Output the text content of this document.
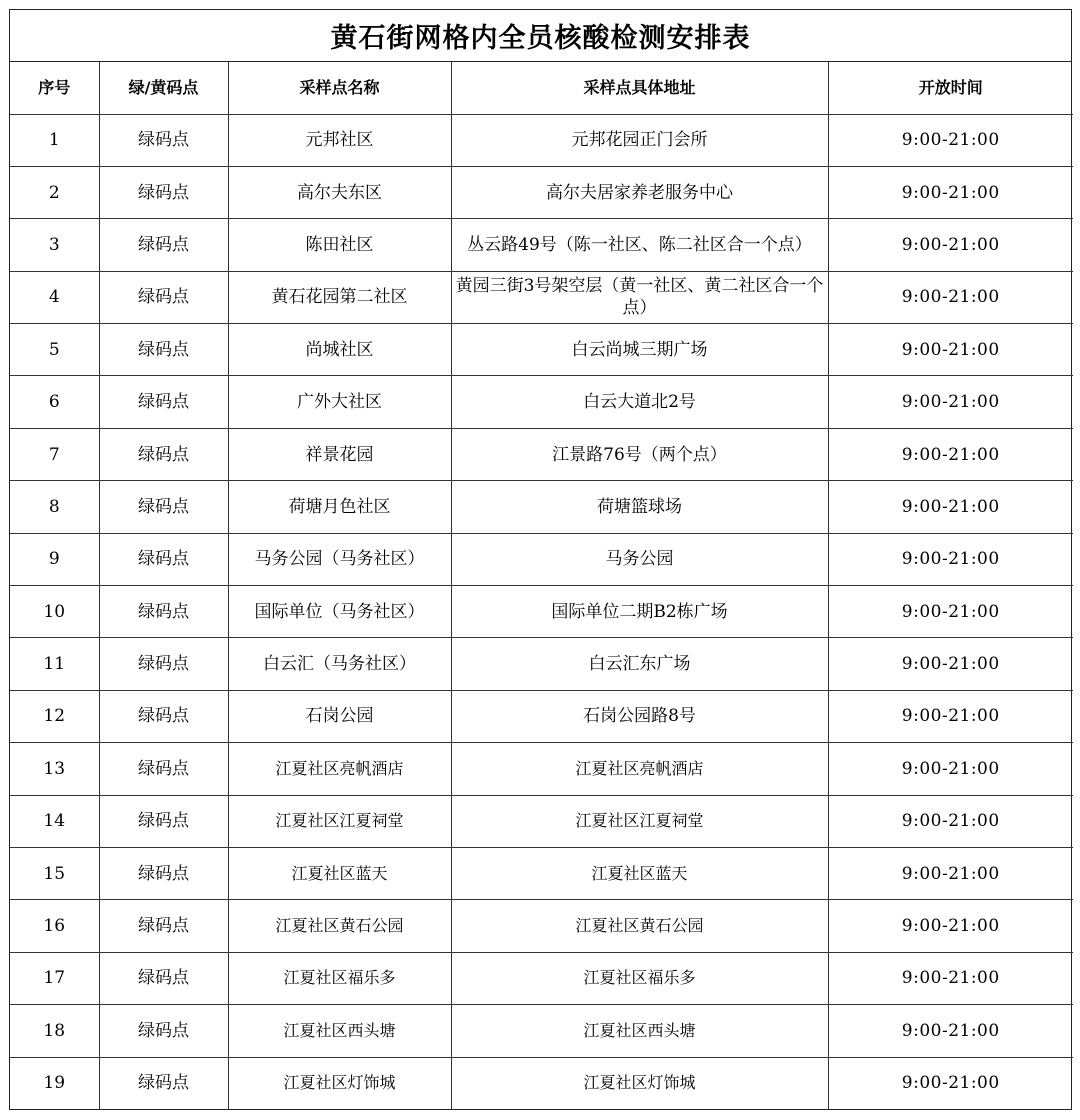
黄石街网格内全员核酸检测安排表
序号	绿/黄码点	采样点名称	采样点具体地址	开放时间
1	绿码点	元邦社区	元邦花园正门会所	9:00-21:00
2	绿码点	高尔夫东区	高尔夫居家养老服务中心	9:00-21:00
3	绿码点	陈田社区	丛云路49号（陈一社区、陈二社区合一个点）	9:00-21:00
4	绿码点	黄石花园第二社区	黄园三街3号架空层（黄一社区、黄二社区合一个点）	9:00-21:00
5	绿码点	尚城社区	白云尚城三期广场	9:00-21:00
6	绿码点	广外大社区	白云大道北2号	9:00-21:00
7	绿码点	祥景花园	江景路76号（两个点）	9:00-21:00
8	绿码点	荷塘月色社区	荷塘篮球场	9:00-21:00
9	绿码点	马务公园（马务社区）	马务公园	9:00-21:00
10	绿码点	国际单位（马务社区）	国际单位二期B2栋广场	9:00-21:00
11	绿码点	白云汇（马务社区）	白云汇东广场	9:00-21:00
12	绿码点	石岗公园	石岗公园路8号	9:00-21:00
13	绿码点	江夏社区亮帆酒店	江夏社区亮帆酒店	9:00-21:00
14	绿码点	江夏社区江夏祠堂	江夏社区江夏祠堂	9:00-21:00
15	绿码点	江夏社区蓝天	江夏社区蓝天	9:00-21:00
16	绿码点	江夏社区黄石公园	江夏社区黄石公园	9:00-21:00
17	绿码点	江夏社区福乐多	江夏社区福乐多	9:00-21:00
18	绿码点	江夏社区西头塘	江夏社区西头塘	9:00-21:00
19	绿码点	江夏社区灯饰城	江夏社区灯饰城	9:00-21:00
